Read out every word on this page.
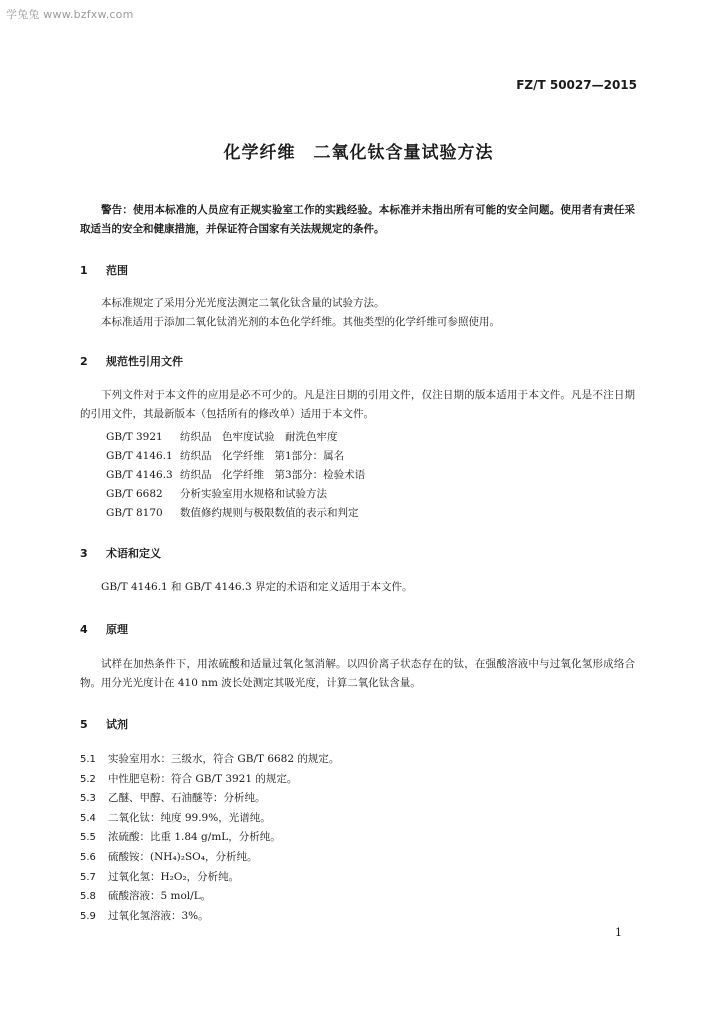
学兔兔 www.bzfxw.com
FZ/T 50027—2015
化学纤维　二氧化钛含量试验方法
警告：使用本标准的人员应有正规实验室工作的实践经验。本标准并未指出所有可能的安全问题。使用者有责任采取适当的安全和健康措施，并保证符合国家有关法规规定的条件。
1 范围

本标准规定了采用分光光度法测定二氧化钛含量的试验方法。

本标准适用于添加二氧化钛消光剂的本色化学纤维。其他类型的化学纤维可参照使用。

2 规范性引用文件

下列文件对于本文件的应用是必不可少的。凡是注日期的引用文件，仅注日期的版本适用于本文件。凡是不注日期的引用文件，其最新版本（包括所有的修改单）适用于本文件。

GB/T 3921 纺织品　色牢度试验　耐洗色牢度
GB/T 4146.1 纺织品　化学纤维　第1部分：属名
GB/T 4146.3 纺织品　化学纤维　第3部分：检验术语
GB/T 6682 分析实验室用水规格和试验方法
GB/T 8170 数值修约规则与极限数值的表示和判定
3 术语和定义

GB/T 4146.1 和 GB/T 4146.3 界定的术语和定义适用于本文件。

4 原理

试样在加热条件下，用浓硫酸和适量过氧化氢消解。以四价离子状态存在的钛，在强酸溶液中与过氧化氢形成络合物。用分光光度计在 410 nm 波长处测定其吸光度，计算二氧化钛含量。

5 试剂
5.1 实验室用水：三级水，符合 GB/T 6682 的规定。
5.2 中性肥皂粉：符合 GB/T 3921 的规定。
5.3 乙醚、甲醇、石油醚等：分析纯。
5.4 二氧化钛：纯度 99.9%，光谱纯。
5.5 浓硫酸：比重 1.84 g/mL，分析纯。
5.6 硫酸铵：(NH₄)₂SO₄，分析纯。
5.7 过氧化氢：H₂O₂，分析纯。
5.8 硫酸溶液：5 mol/L。
5.9 过氧化氢溶液：3%。
1
